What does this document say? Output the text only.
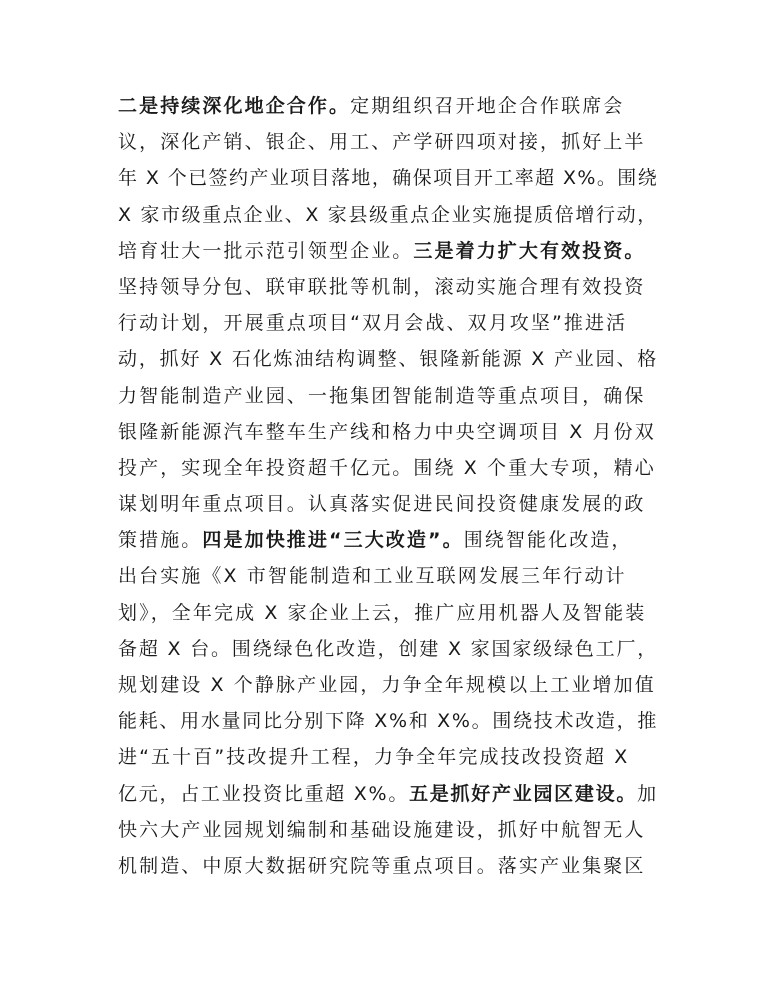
二是持续深化地企合作。定期组织召开地企合作联席会
议，深化产销、银企、用工、产学研四项对接，抓好上半
年 X 个已签约产业项目落地，确保项目开工率超 X%。围绕
X 家市级重点企业、X 家县级重点企业实施提质倍增行动，
培育壮大一批示范引领型企业。三是着力扩大有效投资。
坚持领导分包、联审联批等机制，滚动实施合理有效投资
行动计划，开展重点项目“双月会战、双月攻坚”推进活
动，抓好 X 石化炼油结构调整、银隆新能源 X 产业园、格
力智能制造产业园、一拖集团智能制造等重点项目，确保
银隆新能源汽车整车生产线和格力中央空调项目 X 月份双
投产，实现全年投资超千亿元。围绕 X 个重大专项，精心
谋划明年重点项目。认真落实促进民间投资健康发展的政
策措施。四是加快推进“三大改造”。围绕智能化改造，
出台实施《X 市智能制造和工业互联网发展三年行动计
划》，全年完成 X 家企业上云，推广应用机器人及智能装
备超 X 台。围绕绿色化改造，创建 X 家国家级绿色工厂，
规划建设 X 个静脉产业园，力争全年规模以上工业增加值
能耗、用水量同比分别下降 X%和 X%。围绕技术改造，推
进“五十百”技改提升工程，力争全年完成技改投资超 X
亿元，占工业投资比重超 X%。五是抓好产业园区建设。加
快六大产业园规划编制和基础设施建设，抓好中航智无人
机制造、中原大数据研究院等重点项目。落实产业集聚区
